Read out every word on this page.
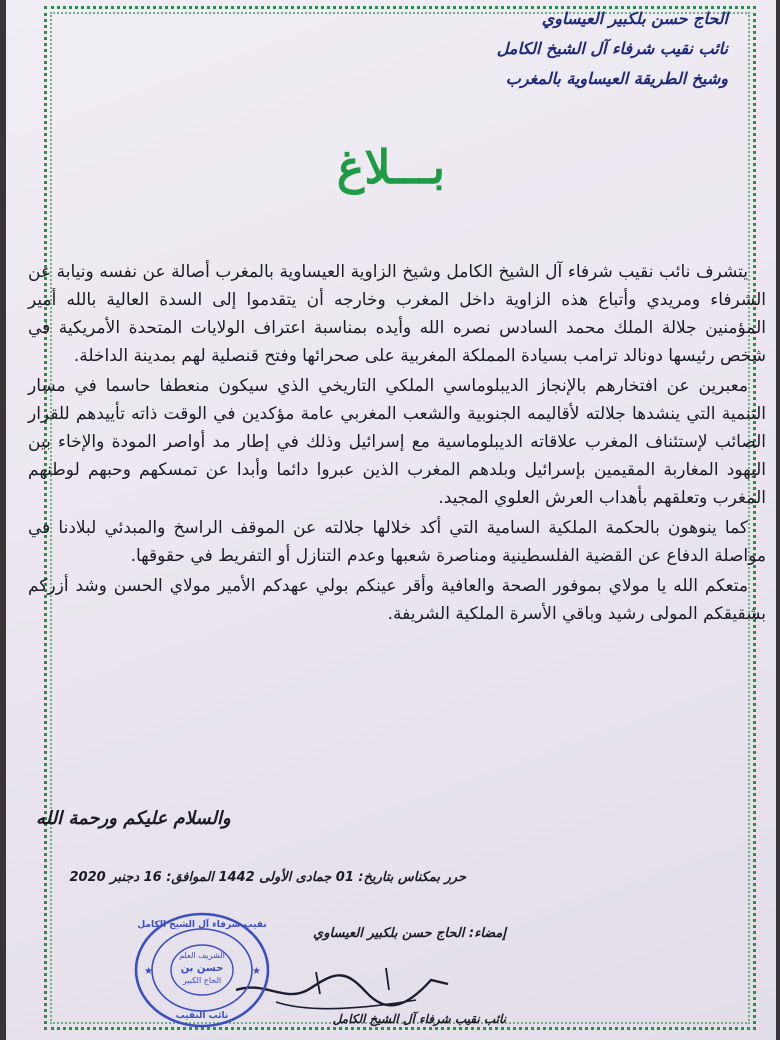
الحاج حسن بلكبير العيساوي
نائب نقيب شرفاء آل الشيخ الكامل
وشيخ الطريقة العيساوية بالمغرب
بـــلاغ

يتشرف نائب نقيب شرفاء آل الشيخ الكامل وشيخ الزاوية العيساوية بالمغرب أصالة عن نفسه ونيابة عن الشرفاء ومريدي وأتباع هذه الزاوية داخل المغرب وخارجه أن يتقدموا إلى السدة العالية بالله أمير المؤمنين جلالة الملك محمد السادس نصره الله وأيده بمناسبة اعتراف الولايات المتحدة الأمريكية في شخص رئيسها دونالد ترامب بسيادة المملكة المغربية على صحرائها وفتح قنصلية لهم بمدينة الداخلة.

معبرين عن افتخارهم بالإنجاز الديبلوماسي الملكي التاريخي الذي سيكون منعطفا حاسما في مسار التنمية التي ينشدها جلالته لأقاليمه الجنوبية والشعب المغربي عامة مؤكدين في الوقت ذاته تأييدهم للقرار الصائب لإستئناف المغرب علاقاته الديبلوماسية مع إسرائيل وذلك في إطار مد أواصر المودة والإخاء بين اليهود المغاربة المقيمين بإسرائيل وبلدهم المغرب الذين عبروا دائما وأبدا عن تمسكهم وحبهم لوطنهم المغرب وتعلقهم بأهداب العرش العلوي المجيد.

كما ينوهون بالحكمة الملكية السامية التي أكد خلالها جلالته عن الموقف الراسخ والمبدئي لبلادنا في مواصلة الدفاع عن القضية الفلسطينية ومناصرة شعبها وعدم التنازل أو التفريط في حقوقها.

متعكم الله يا مولاي بموفور الصحة والعافية وأقر عينكم بولي عهدكم الأمير مولاي الحسن وشد أزركم بشقيقكم المولى رشيد وباقي الأسرة الملكية الشريفة.

والسلام عليكم ورحمة الله
حرر بمكناس بتاريخ: 01 جمادى الأولى 1442 الموافق: 16 دجنبر 2020
إمضاء: الحاج حسن بلكبير العيساوي
نقيب شرفاء آل الشيخ الكامل
الشريف العلم
حسن بن
الحاج الكبير
نائب النقيب
★	★
نائب نقيب شرفاء آل الشيخ الكامل
